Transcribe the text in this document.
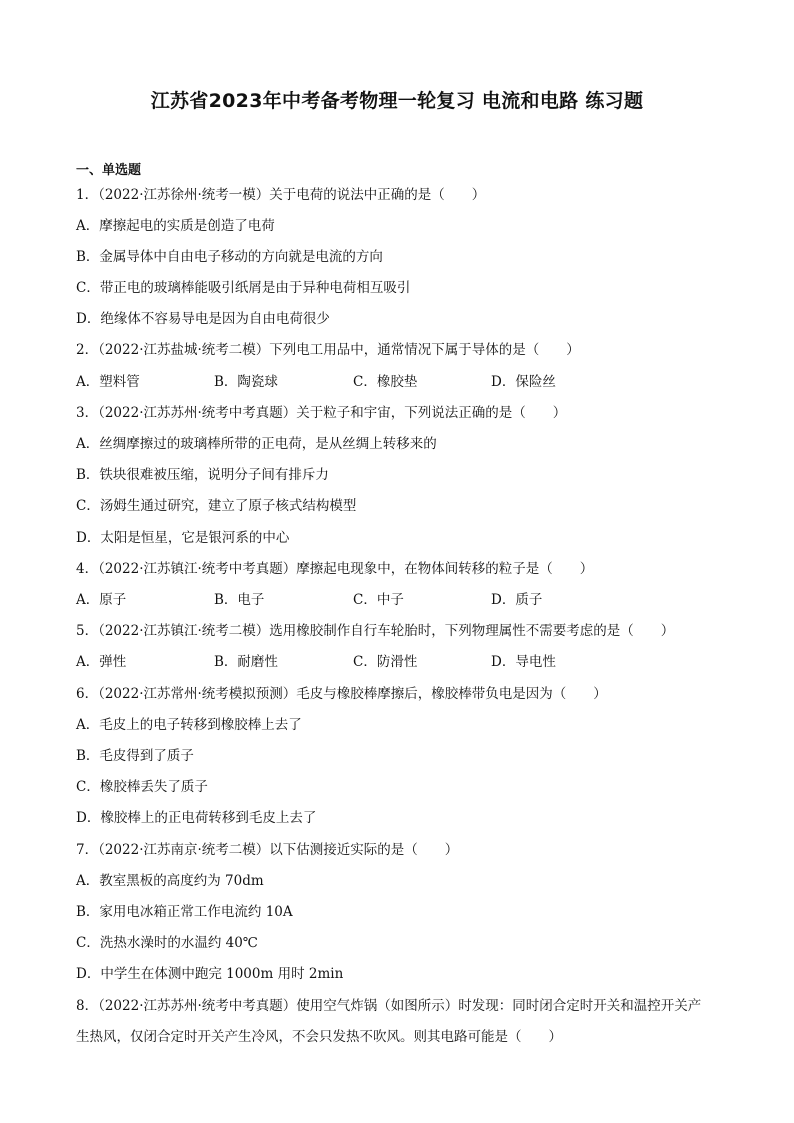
江苏省2023年中考备考物理一轮复习 电流和电路 练习题
一、单选题
1．（2022·江苏徐州·统考一模）关于电荷的说法中正确的是（　　）
A．摩擦起电的实质是创造了电荷
B．金属导体中自由电子移动的方向就是电流的方向
C．带正电的玻璃棒能吸引纸屑是由于异种电荷相互吸引
D．绝缘体不容易导电是因为自由电荷很少
2．（2022·江苏盐城·统考二模）下列电工用品中，通常情况下属于导体的是（　　）
A．塑料管	B．陶瓷球	C．橡胶垫	D．保险丝
3．（2022·江苏苏州·统考中考真题）关于粒子和宇宙，下列说法正确的是（　　）
A．丝绸摩擦过的玻璃棒所带的正电荷，是从丝绸上转移来的
B．铁块很难被压缩，说明分子间有排斥力
C．汤姆生通过研究，建立了原子核式结构模型
D．太阳是恒星，它是银河系的中心
4．（2022·江苏镇江·统考中考真题）摩擦起电现象中，在物体间转移的粒子是（　　）
A．原子	B．电子	C．中子	D．质子
5．（2022·江苏镇江·统考二模）选用橡胶制作自行车轮胎时，下列物理属性不需要考虑的是（　　）
A．弹性	B．耐磨性	C．防滑性	D．导电性
6．（2022·江苏常州·统考模拟预测）毛皮与橡胶棒摩擦后，橡胶棒带负电是因为（　　）
A．毛皮上的电子转移到橡胶棒上去了
B．毛皮得到了质子
C．橡胶棒丢失了质子
D．橡胶棒上的正电荷转移到毛皮上去了
7．（2022·江苏南京·统考二模）以下估测接近实际的是（　　）
A．教室黑板的高度约为 70dm
B．家用电冰箱正常工作电流约 10A
C．洗热水澡时的水温约 40℃
D．中学生在体测中跑完 1000m 用时 2min
8．（2022·江苏苏州·统考中考真题）使用空气炸锅（如图所示）时发现：同时闭合定时开关和温控开关产
生热风，仅闭合定时开关产生冷风，不会只发热不吹风。则其电路可能是（　　）
